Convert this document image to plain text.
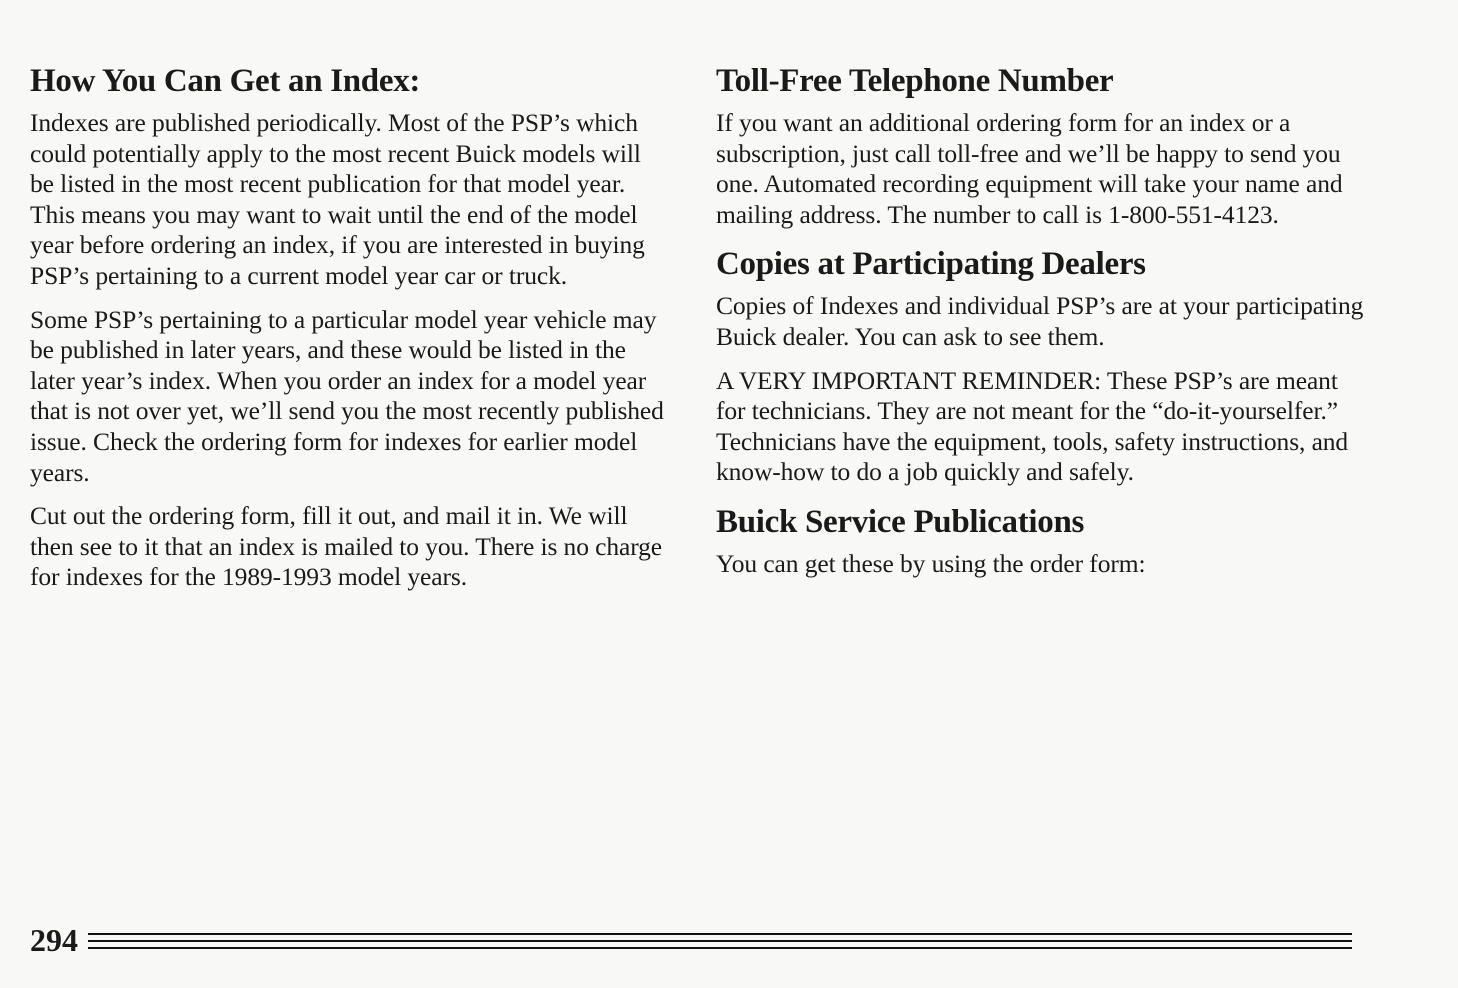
How You Can Get an Index:

Indexes are published periodically. Most of the PSP’s which could potentially apply to the most recent Buick models will be listed in the most recent publication for that model year. This means you may want to wait until the end of the model year before ordering an index, if you are interested in buying PSP’s pertaining to a current model year car or truck.

Some PSP’s pertaining to a particular model year vehicle may be published in later years, and these would be listed in the later year’s index. When you order an index for a model year that is not over yet, we’ll send you the most recently published issue. Check the ordering form for indexes for earlier model years.

Cut out the ordering form, fill it out, and mail it in. We will then see to it that an index is mailed to you. There is no charge for indexes for the 1989-1993 model years.

Toll-Free Telephone Number

If you want an additional ordering form for an index or a subscription, just call toll-free and we’ll be happy to send you one. Automated recording equipment will take your name and mailing address. The number to call is 1-800-551-4123.

Copies at Participating Dealers

Copies of Indexes and individual PSP’s are at your participating Buick dealer. You can ask to see them.

A VERY IMPORTANT REMINDER: These PSP’s are meant for technicians. They are not meant for the “do-it-yourselfer.” Technicians have the equipment, tools, safety instructions, and know-how to do a job quickly and safely.

Buick Service Publications

You can get these by using the order form:

294
